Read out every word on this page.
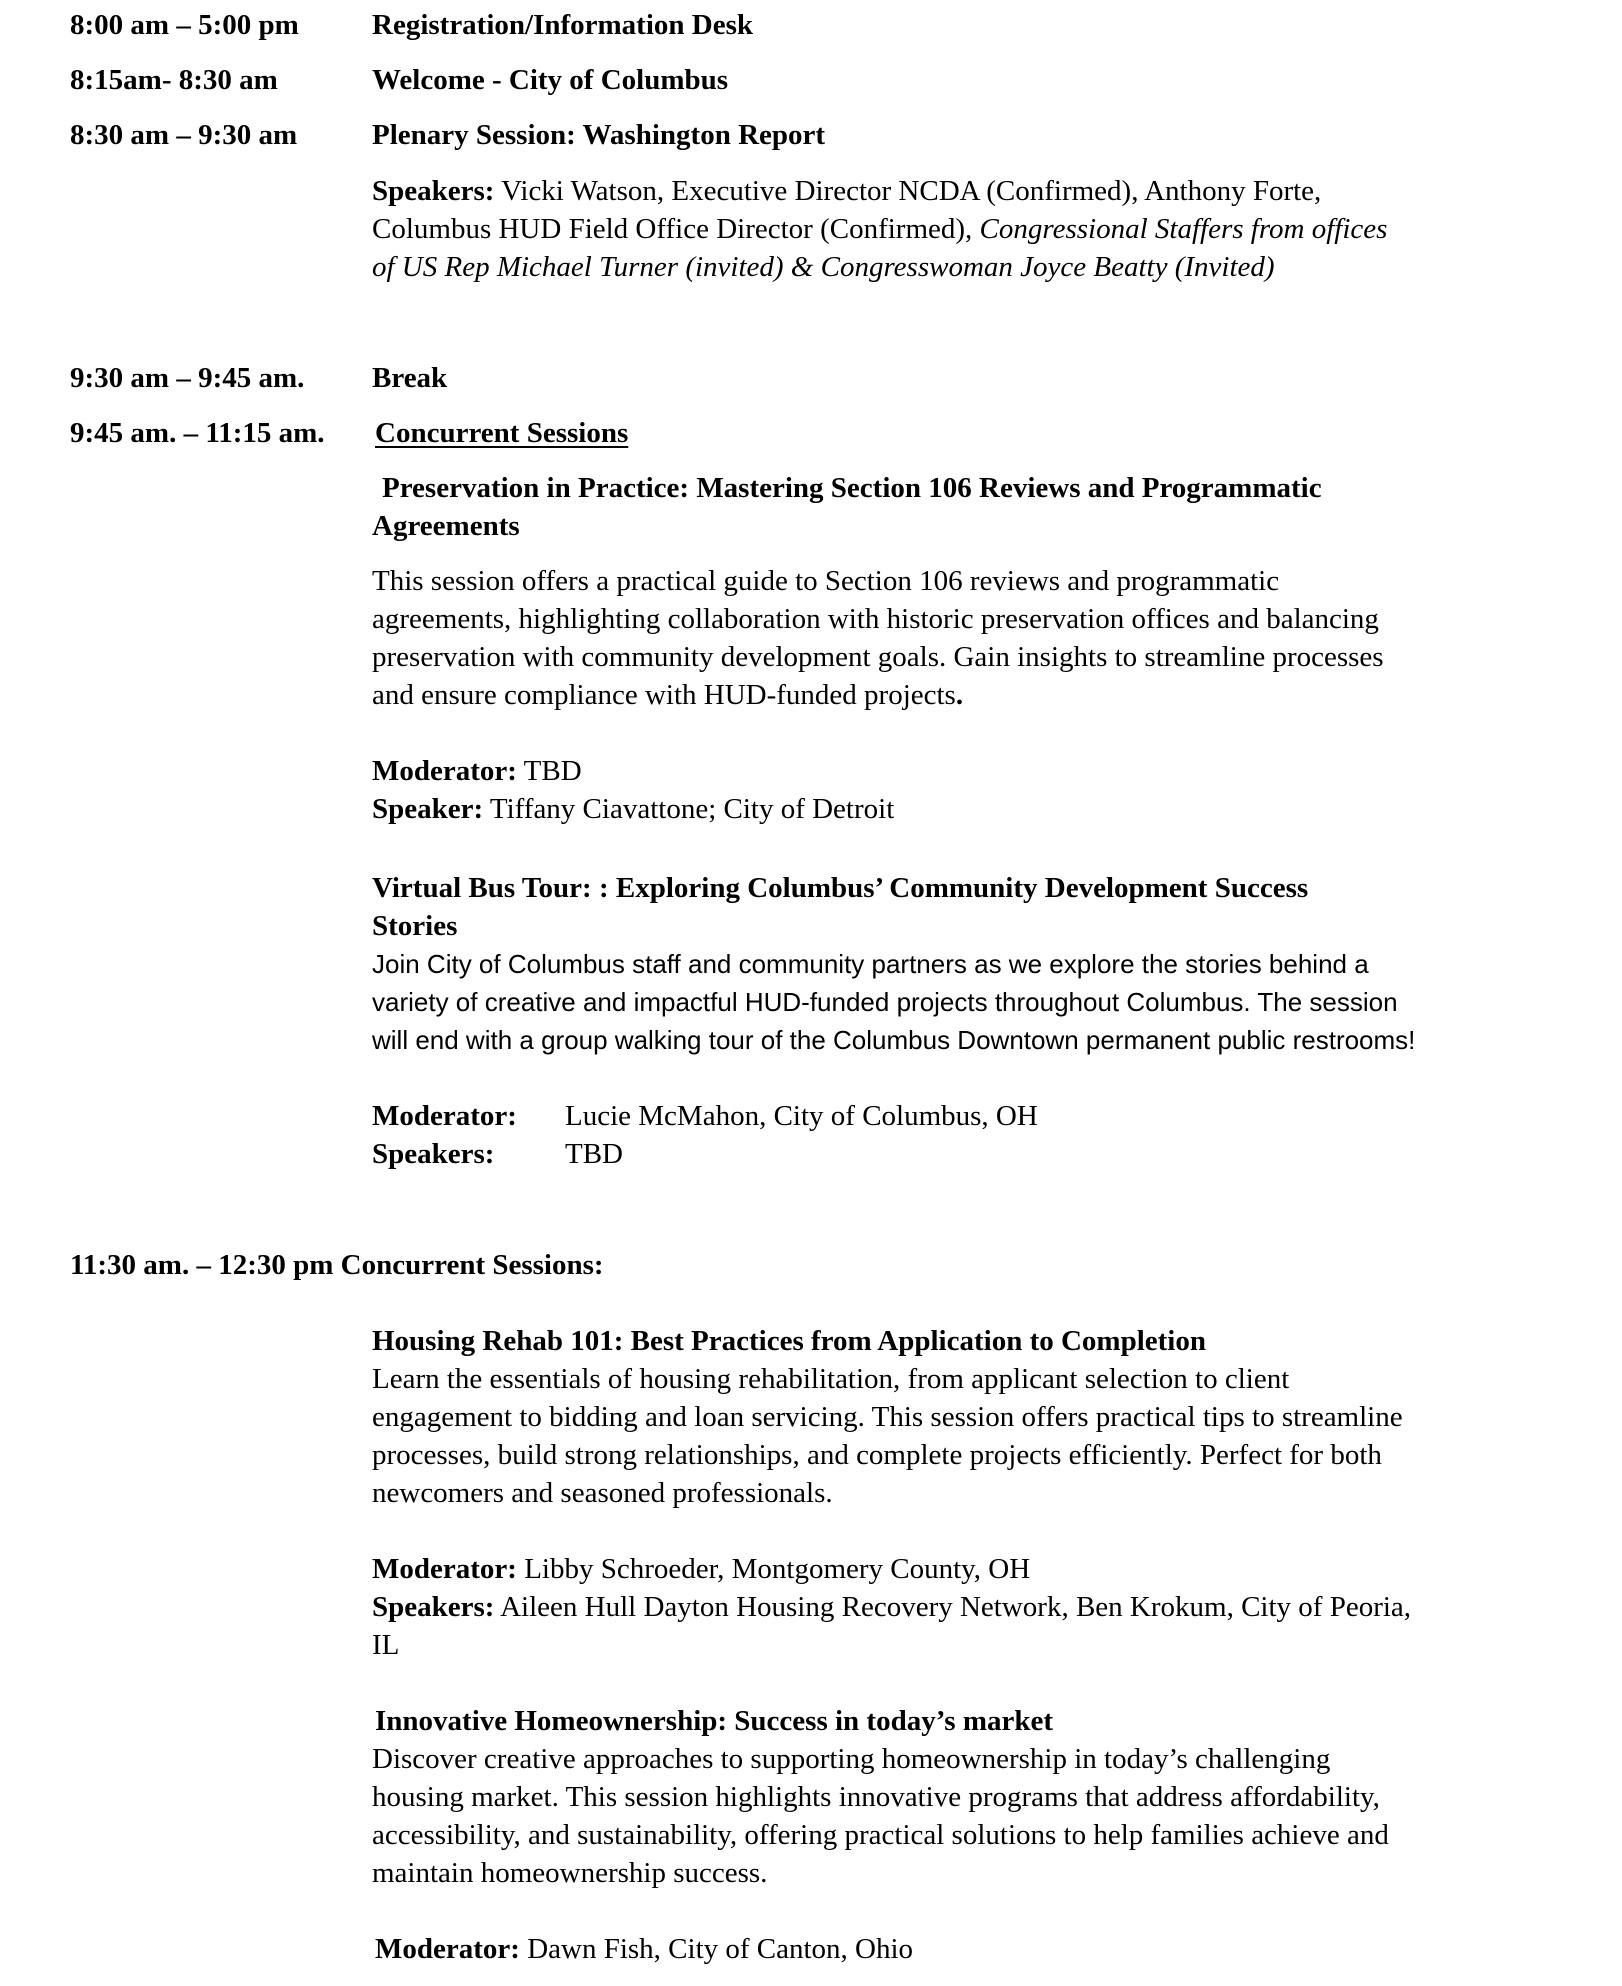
8:00 am – 5:00 pm	Registration/Information Desk
8:15am- 8:30 am	Welcome - City of Columbus
8:30 am – 9:30 am	Plenary Session: Washington Report
Speakers: Vicki Watson, Executive Director NCDA (Confirmed), Anthony Forte,
Columbus HUD Field Office Director (Confirmed), Congressional Staffers from offices
of US Rep Michael Turner (invited) & Congresswoman Joyce Beatty (Invited)
9:30 am – 9:45 am. Break
9:45 am. – 11:15 am. Concurrent Sessions
Preservation in Practice: Mastering Section 106 Reviews and Programmatic
Agreements
This session offers a practical guide to Section 106 reviews and programmatic
agreements, highlighting collaboration with historic preservation offices and balancing
preservation with community development goals. Gain insights to streamline processes
and ensure compliance with HUD-funded projects.
Moderator: TBD
Speaker: Tiffany Ciavattone; City of Detroit
Virtual Bus Tour: : Exploring Columbus’ Community Development Success
Stories
Join City of Columbus staff and community partners as we explore the stories behind a
variety of creative and impactful HUD-funded projects throughout Columbus. The session
will end with a group walking tour of the Columbus Downtown permanent public restrooms!
Moderator: Lucie McMahon, City of Columbus, OH
Speakers: TBD
11:30 am. – 12:30 pm Concurrent Sessions:
Housing Rehab 101: Best Practices from Application to Completion
Learn the essentials of housing rehabilitation, from applicant selection to client
engagement to bidding and loan servicing. This session offers practical tips to streamline
processes, build strong relationships, and complete projects efficiently. Perfect for both
newcomers and seasoned professionals.
Moderator: Libby Schroeder, Montgomery County, OH
Speakers: Aileen Hull Dayton Housing Recovery Network, Ben Krokum, City of Peoria,
IL
Innovative Homeownership: Success in today’s market
Discover creative approaches to supporting homeownership in today’s challenging
housing market. This session highlights innovative programs that address affordability,
accessibility, and sustainability, offering practical solutions to help families achieve and
maintain homeownership success.
Moderator: Dawn Fish, City of Canton, Ohio
